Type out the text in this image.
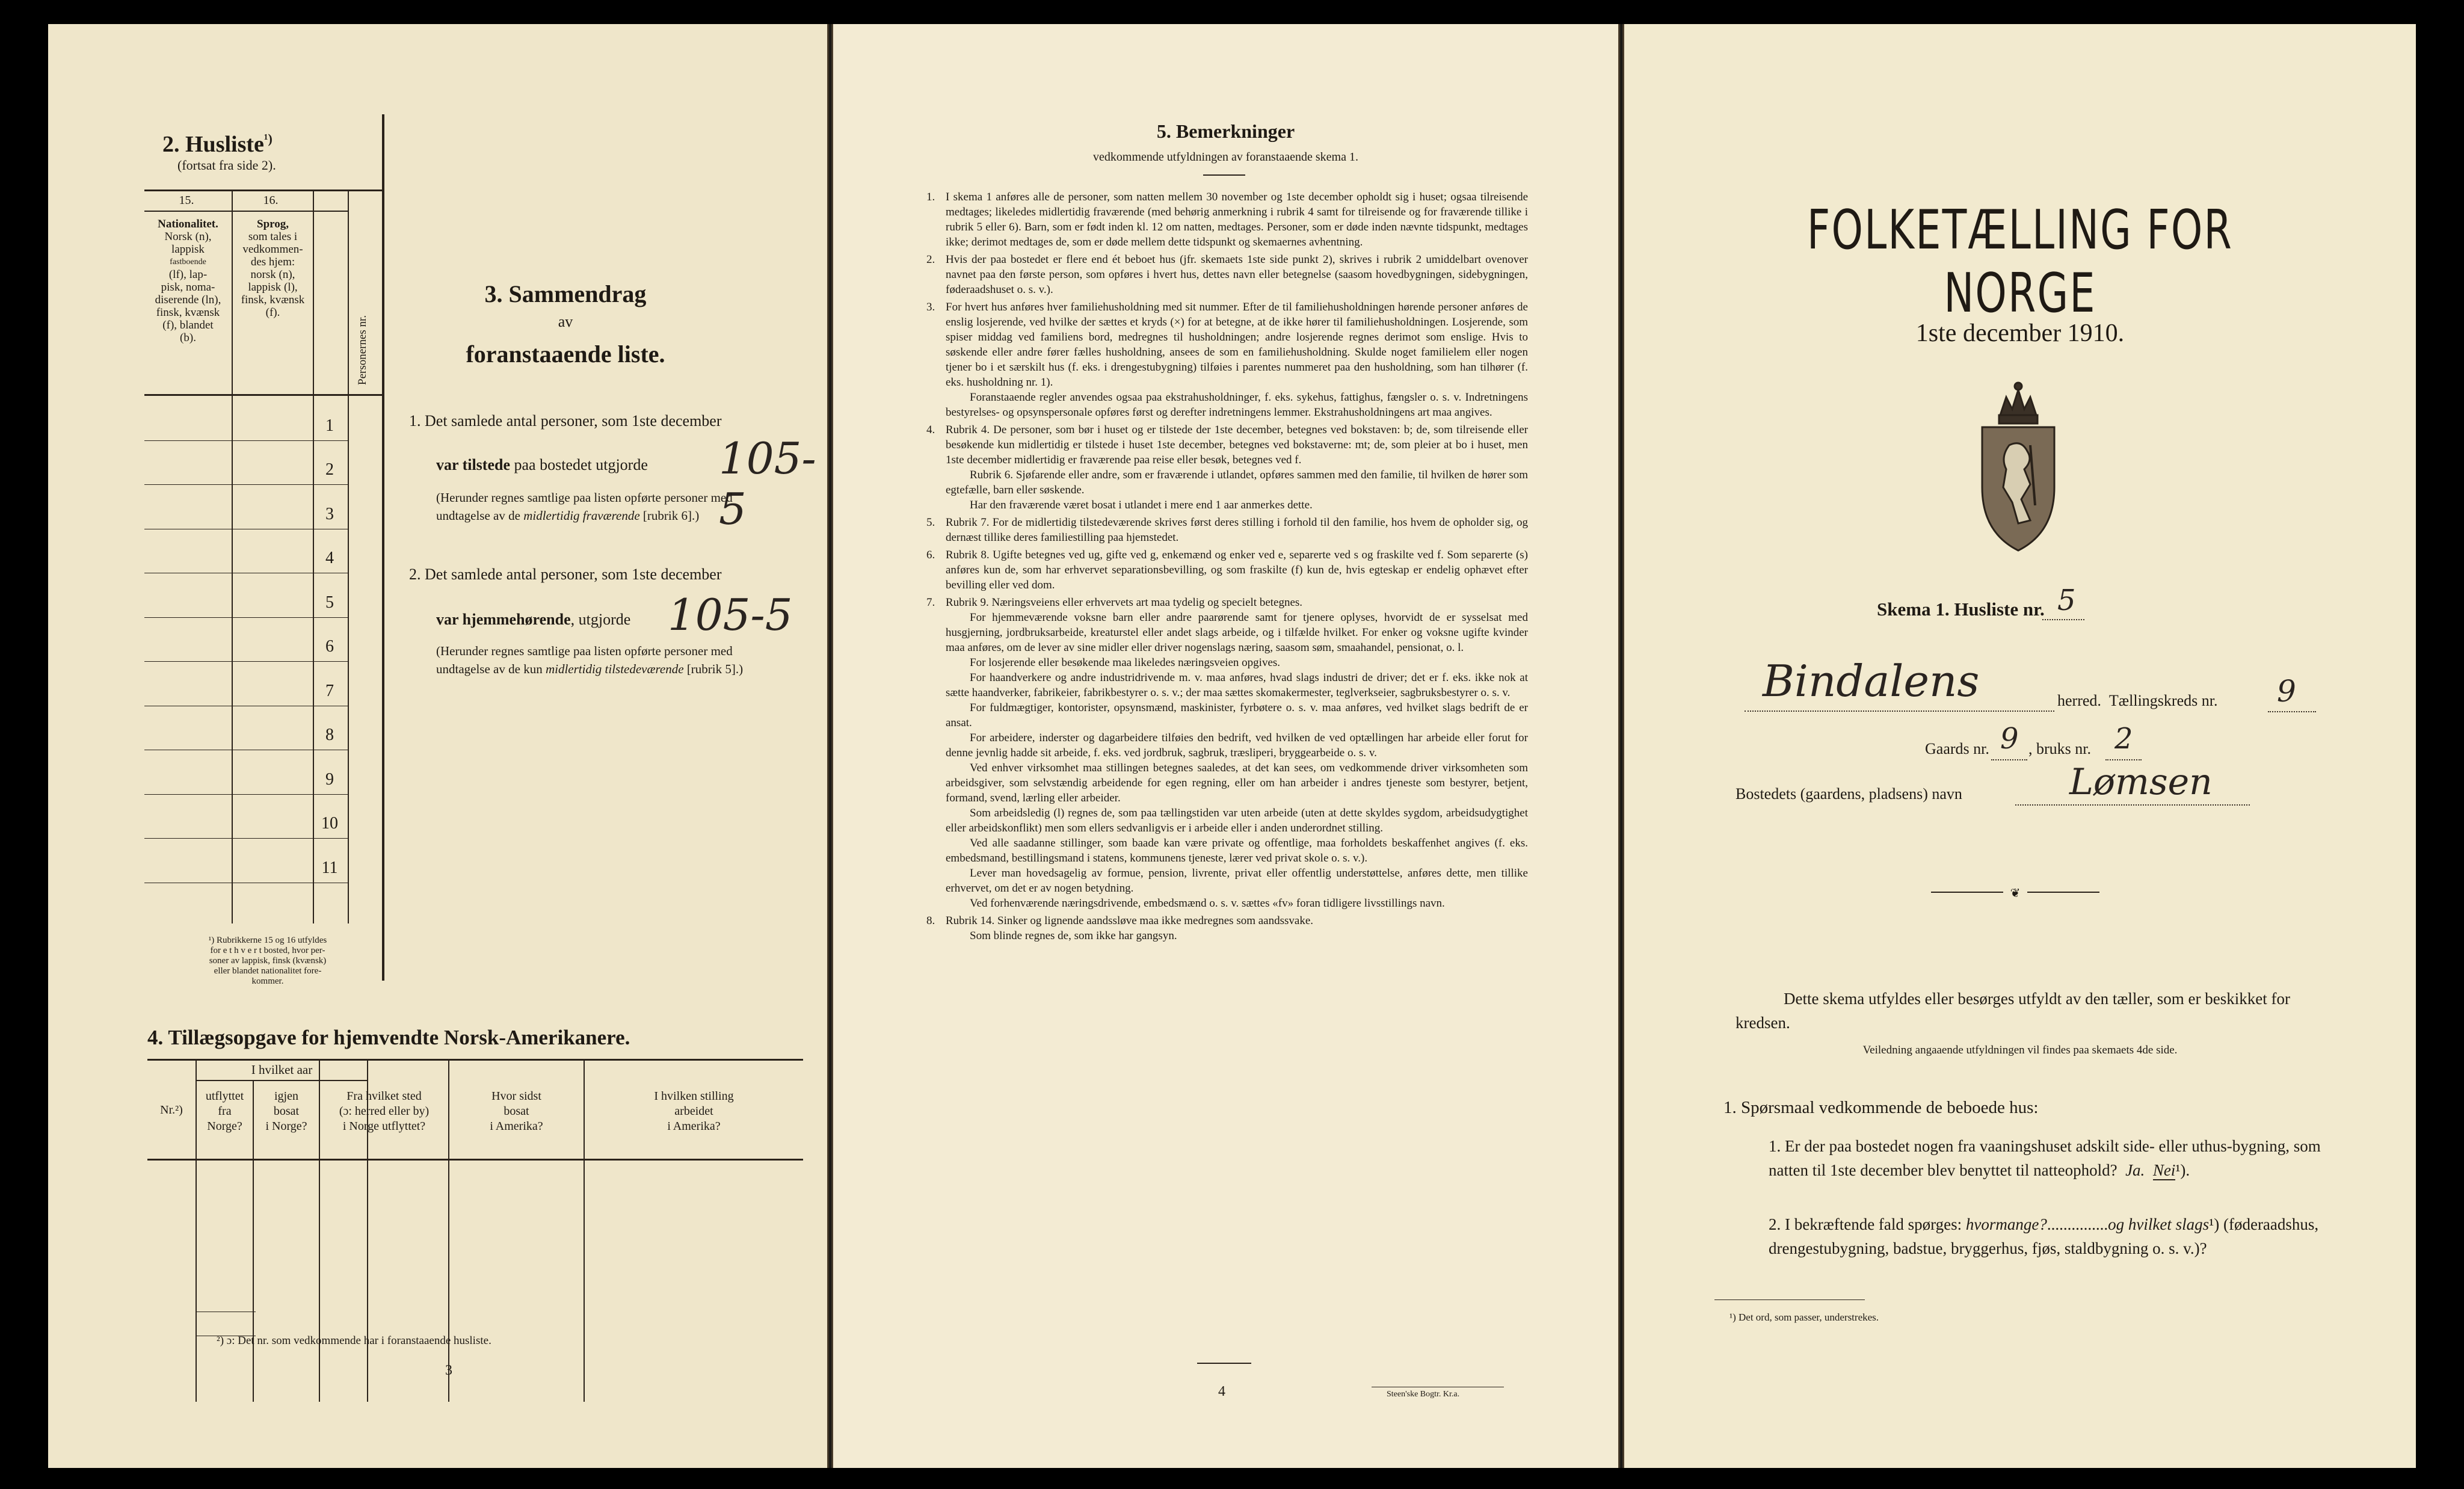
2. Husliste$^{^1)}$
(fortsat fra side 2).
15.	16.
Nationalitet.
Norsk (n),
lappisk
fastboende
(lf), lap-
pisk, noma-
diserende (ln),
finsk, kvænsk
(f), blandet
(b).
Sprog,
som tales i
vedkommen-
des hjem:
norsk (n),
lappisk (l),
finsk, kvænsk
(f).
Personernes nr.
1
2
3
4
5
6
7
8
9
10
11
¹) Rubrikkerne 15 og 16 utfyldes
for e t h v e r t bosted, hvor per-
soner av lappisk, finsk (kvænsk)
eller blandet nationalitet fore-
kommer.
3. Sammendrag
av
foranstaaende liste.
1. Det samlede antal personer, som 1ste december
var tilstede paa bostedet utgjorde 105-5
(Herunder regnes samtlige paa listen opførte personer med
undtagelse av de midlertidig fraværende [rubrik 6].)
2. Det samlede antal personer, som 1ste december
var hjemmehørende, utgjorde 105-5
(Herunder regnes samtlige paa listen opførte personer med
undtagelse av de kun midlertidig tilstedeværende [rubrik 5].)
4. Tillægsopgave for hjemvendte Norsk-Amerikanere.
Nr.²)
I hvilket aar
utflyttet
fra
Norge?
igjen
bosat
i Norge?
Fra hvilket sted
(ɔ: herred eller by)
i Norge utflyttet?
Hvor sidst
bosat
i Amerika?
I hvilken stilling
arbeidet
i Amerika?
²) ɔ: Det nr. som vedkommende har i foranstaaende husliste.
3
5. Bemerkninger
vedkommende utfyldningen av foranstaaende skema 1.
1. I skema 1 anføres alle de personer, som natten mellem 30 november og 1ste december opholdt sig i huset; ogsaa tilreisende medtages; likeledes midlertidig fraværende (med behørig anmerkning i rubrik 4 samt for tilreisende og for fraværende tillike i rubrik 5 eller 6). Barn, som er født inden kl. 12 om natten, medtages. Personer, som er døde inden nævnte tidspunkt, medtages ikke; derimot medtages de, som er døde mellem dette tidspunkt og skemaernes avhentning.
2. Hvis der paa bostedet er flere end ét beboet hus (jfr. skemaets 1ste side punkt 2), skrives i rubrik 2 umiddelbart ovenover navnet paa den første person, som opføres i hvert hus, dettes navn eller betegnelse (saasom hovedbygningen, sidebygningen, føderaadshuset o. s. v.).
3. For hvert hus anføres hver familiehusholdning med sit nummer. Efter de til familiehusholdningen hørende personer anføres de enslig losjerende, ved hvilke der sættes et kryds (×) for at betegne, at de ikke hører til familiehusholdningen. Losjerende, som spiser middag ved familiens bord, medregnes til husholdningen; andre losjerende regnes derimot som enslige. Hvis to søskende eller andre fører fælles husholdning, ansees de som en familiehusholdning. Skulde noget familielem eller nogen tjener bo i et særskilt hus (f. eks. i drengestubygning) tilføies i parentes nummeret paa den husholdning, som han tilhører (f. eks. husholdning nr. 1).
Foranstaaende regler anvendes ogsaa paa ekstrahusholdninger, f. eks. sykehus, fattighus, fængsler o. s. v. Indretningens bestyrelses- og opsynspersonale opføres først og derefter indretningens lemmer. Ekstrahusholdningens art maa angives.
4. Rubrik 4. De personer, som bør i huset og er tilstede der 1ste december, betegnes ved bokstaven: b; de, som tilreisende eller besøkende kun midlertidig er tilstede i huset 1ste december, betegnes ved bokstaverne: mt; de, som pleier at bo i huset, men 1ste december midlertidig er fraværende paa reise eller besøk, betegnes ved f.
Rubrik 6. Sjøfarende eller andre, som er fraværende i utlandet, opføres sammen med den familie, til hvilken de hører som egtefælle, barn eller søskende.
Har den fraværende været bosat i utlandet i mere end 1 aar anmerkes dette.
5. Rubrik 7. For de midlertidig tilstedeværende skrives først deres stilling i forhold til den familie, hos hvem de opholder sig, og dernæst tillike deres familiestilling paa hjemstedet.
6. Rubrik 8. Ugifte betegnes ved ug, gifte ved g, enkemænd og enker ved e, separerte ved s og fraskilte ved f. Som separerte (s) anføres kun de, som har erhvervet separationsbevilling, og som fraskilte (f) kun de, hvis egteskap er endelig ophævet efter bevilling eller ved dom.
7. Rubrik 9. Næringsveiens eller erhvervets art maa tydelig og specielt betegnes.
For hjemmeværende voksne barn eller andre paarørende samt for tjenere oplyses, hvorvidt de er sysselsat med husgjerning, jordbruksarbeide, kreaturstel eller andet slags arbeide, og i tilfælde hvilket. For enker og voksne ugifte kvinder maa anføres, om de lever av sine midler eller driver nogenslags næring, saasom søm, smaahandel, pensionat, o. l.
For losjerende eller besøkende maa likeledes næringsveien opgives.
For haandverkere og andre industridrivende m. v. maa anføres, hvad slags industri de driver; det er f. eks. ikke nok at sætte haandverker, fabrikeier, fabrikbestyrer o. s. v.; der maa sættes skomakermester, teglverkseier, sagbruksbestyrer o. s. v.
For fuldmægtiger, kontorister, opsynsmænd, maskinister, fyrbøtere o. s. v. maa anføres, ved hvilket slags bedrift de er ansat.
For arbeidere, inderster og dagarbeidere tilføies den bedrift, ved hvilken de ved optællingen har arbeide eller forut for denne jevnlig hadde sit arbeide, f. eks. ved jordbruk, sagbruk, træsliperi, bryggearbeide o. s. v.
Ved enhver virksomhet maa stillingen betegnes saaledes, at det kan sees, om vedkommende driver virksomheten som arbeidsgiver, som selvstændig arbeidende for egen regning, eller om han arbeider i andres tjeneste som bestyrer, betjent, formand, svend, lærling eller arbeider.
Som arbeidsledig (l) regnes de, som paa tællingstiden var uten arbeide (uten at dette skyldes sygdom, arbeidsudygtighet eller arbeidskonflikt) men som ellers sedvanligvis er i arbeide eller i anden underordnet stilling.
Ved alle saadanne stillinger, som baade kan være private og offentlige, maa forholdets beskaffenhet angives (f. eks. embedsmand, bestillingsmand i statens, kommunens tjeneste, lærer ved privat skole o. s. v.).
Lever man hovedsagelig av formue, pension, livrente, privat eller offentlig understøttelse, anføres dette, men tillike erhvervet, om det er av nogen betydning.
Ved forhenværende næringsdrivende, embedsmænd o. s. v. sættes «fv» foran tidligere livsstillings navn.
8. Rubrik 14. Sinker og lignende aandssløve maa ikke medregnes som aandssvake.
Som blinde regnes de, som ikke har gangsyn.
4	Steen'ske Bogtr. Kr.a.
FOLKETÆLLING FOR NORGE
1ste december 1910.
Skema 1. Husliste nr. 5
Bindalens	herred. Tællingskreds nr. 9
Gaards nr. 9 , bruks nr. 2
Bostedets (gaardens, pladsens) navn	Lømsen
❦
Dette skema utfyldes eller besørges utfyldt av den tæller, som er beskikket for kredsen.
Veiledning angaaende utfyldningen vil findes paa skemaets 4de side.
1. Spørsmaal vedkommende de beboede hus:
1. Er der paa bostedet nogen fra vaaningshuset adskilt side- eller uthus-bygning, som natten til 1ste december blev benyttet til natteophold? Ja. Nei¹).
2. I bekræftende fald spørges: hvormange?...............og hvilket slags¹) (føderaadshus, drengestubygning, badstue, bryggerhus, fjøs, staldbygning o. s. v.)?
¹) Det ord, som passer, understrekes.
